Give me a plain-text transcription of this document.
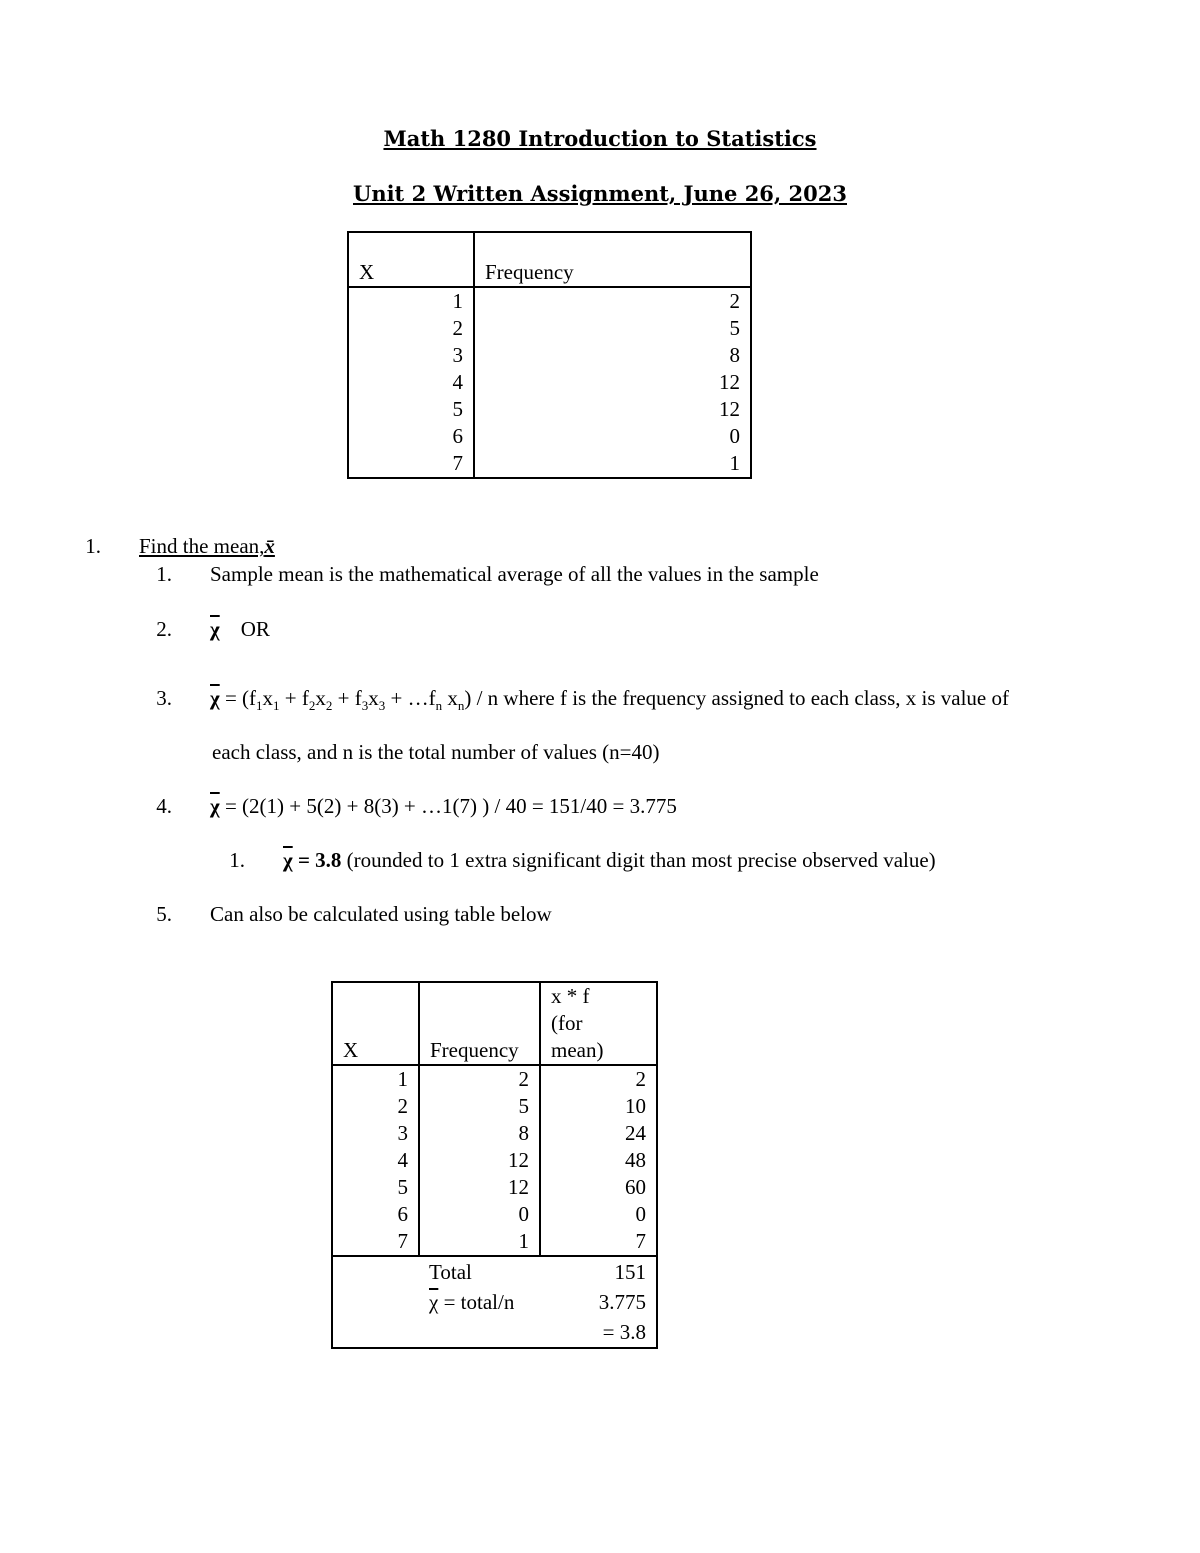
Math 1280 Introduction to Statistics
Unit 2 Written Assignment, June 26, 2023
X	Frequency
1	2
2	5
3	8
4	12
5	12
6	0
7	1
1. Find the mean,x̄
1. Sample mean is the mathematical average of all the values in the sample
2. $\overline{\chi}$ OR
3. $\overline{\chi} = (f_1x_1 + f_2x_2 + f_3x_3$ + $\dots f_n$ $x_n$) / n where f is the frequency assigned to each class, x is value of
each class, and n is the total number of values (n=40)
4. $\overline{\chi} = (2(1) + 5(2) + 8(3)$ + …1(7) ) / 40 = 151/40 = 3.775
1. $\overline{\chi} = 3.8$ (rounded to 1 extra significant digit than most precise observed value)
5. Can also be calculated using table below
X	Frequency	x * f
(for
mean)

1	2	2
2	5	10
3	8	24
4	12	48
5	12	60
6	0	0
7	1	7
	Total	151
	$\overline{\chi}$ = total/n	3.775
		= 3.8
